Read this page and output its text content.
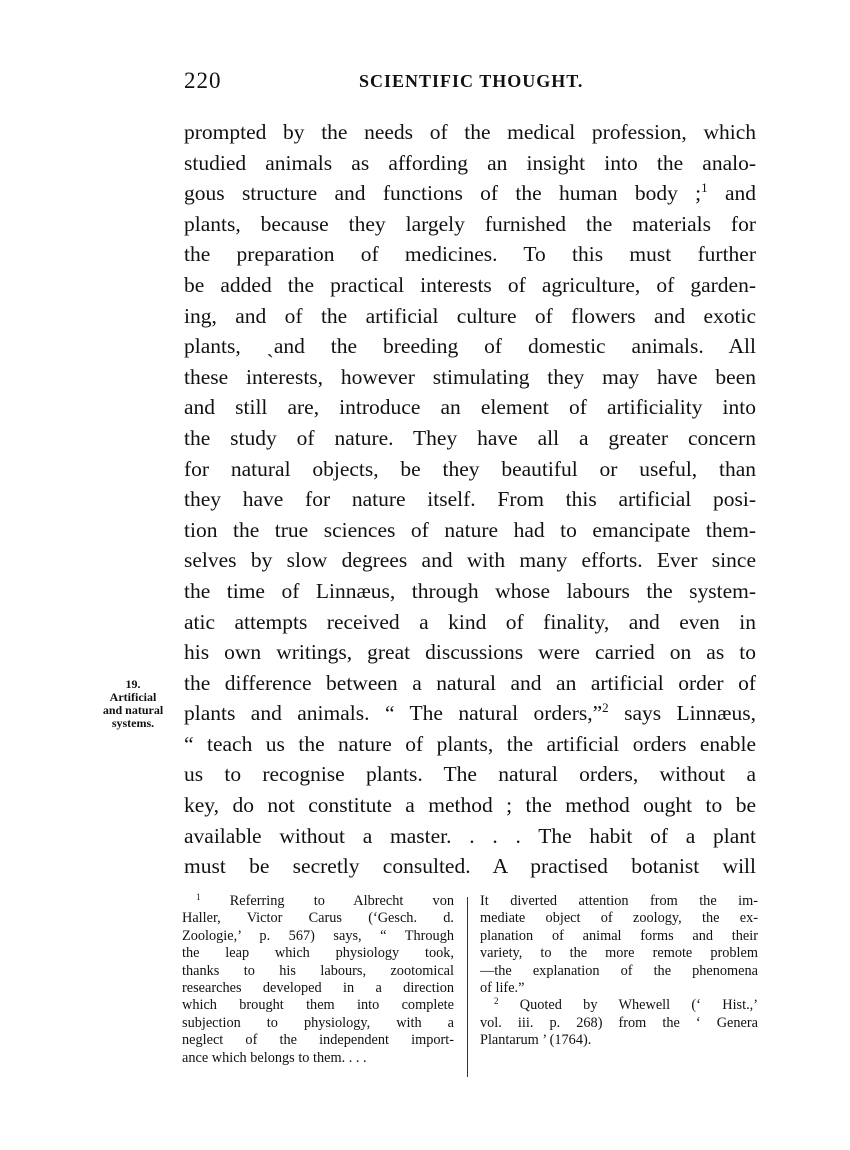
220	SCIENTIFIC THOUGHT.
prompted by the needs of the medical profession, which
studied animals as affording an insight into the analo-
gous structure and functions of the human body ;$^1$ and
plants, because they largely furnished the materials for
the preparation of medicines. To this must further
be added the practical interests of agriculture, of garden-
ing, and of the artificial culture of flowers and exotic
plants, ˎand the breeding of domestic animals. All
these interests, however stimulating they may have been
and still are, introduce an element of artificiality into
the study of nature. They have all a greater concern
for natural objects, be they beautiful or useful, than
they have for nature itself. From this artificial posi-
tion the true sciences of nature had to emancipate them-
selves by slow degrees and with many efforts. Ever since
the time of Linnæus, through whose labours the system-
atic attempts received a kind of finality, and even in
his own writings, great discussions were carried on as to
the difference between a natural and an artificial order of
plants and animals. “ The natural orders,”$^2$ says Linnæus,
“ teach us the nature of plants, the artificial orders enable
us to recognise plants. The natural orders, without a
key, do not constitute a method ; the method ought to be
available without a master. . . . The habit of a plant
must be secretly consulted. A practised botanist will
19.
Artificial
and natural
systems.
$^1$ Referring to Albrecht von
Haller, Victor Carus (‘Gesch. d.
Zoologie,’ p. 567) says, “ Through
the leap which physiology took,
thanks to his labours, zootomical
researches developed in a direction
which brought them into complete
subjection to physiology, with a
neglect of the independent import-
ance which belongs to them. . . .
It diverted attention from the im-
mediate object of zoology, the ex-
planation of animal forms and their
variety, to the more remote problem
—the explanation of the phenomena
of life.”
$^2$ Quoted by Whewell (‘ Hist.,’
vol. iii. p. 268) from the ‘ Genera
Plantarum ’ (1764).
